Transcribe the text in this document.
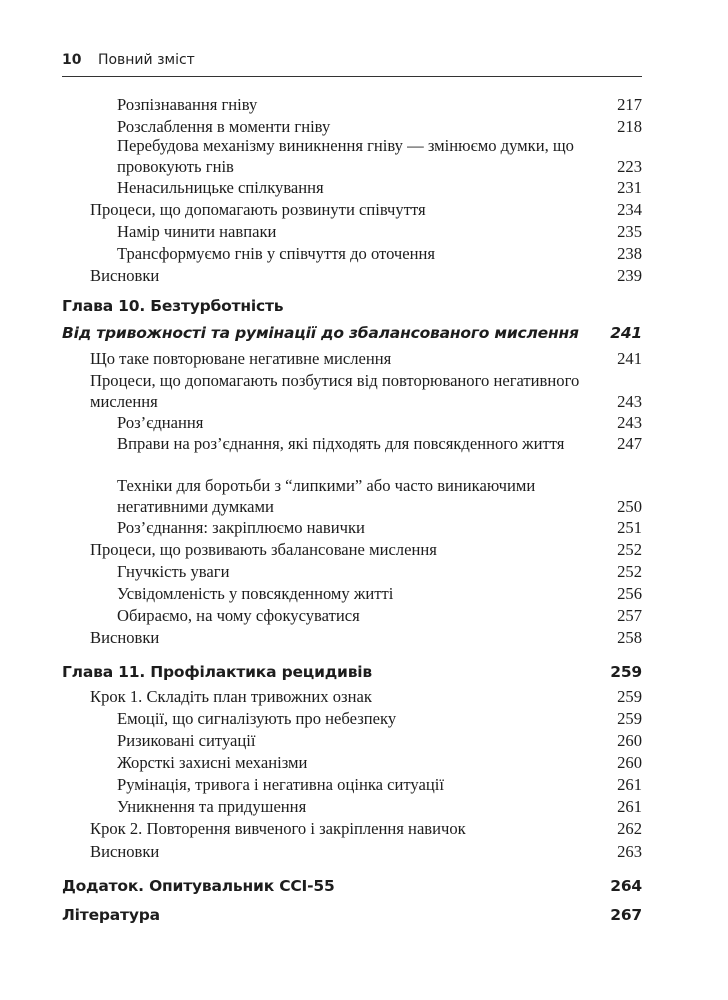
10 Повний зміст
Розпізнавання гніву	217
Розслаблення в моменти гніву	218
Перебудова механізму виникнення гніву — змінюємо думки, що провокують гнів	223
Ненасильницьке спілкування	231
Процеси, що допомагають розвинути співчуття	234
Намір чинити навпаки	235
Трансформуємо гнів у співчуття до оточення	238
Висновки	239
Глава 10. Безтурботність
Від тривожності та румінації до збалансованого мислення	241
Що таке повторюване негативне мислення	241
Процеси, що допомагають позбутися від повторюваного негативного мислення	243
Роз’єднання	243
Вправи на роз’єднання, які підходять для повсякденного життя	247
Техніки для боротьби з “липкими” або часто виникаючими негативними думками	250
Роз’єднання: закріплюємо навички	251
Процеси, що розвивають збалансоване мислення	252
Гнучкість уваги	252
Усвідомленість у повсякденному житті	256
Обираємо, на чому сфокусуватися	257
Висновки	258
Глава 11. Профілактика рецидивів	259
Крок 1. Складіть план тривожних ознак	259
Емоції, що сигналізують про небезпеку	259
Ризиковані ситуації	260
Жорсткі захисні механізми	260
Румінація, тривога і негативна оцінка ситуації	261
Уникнення та придушення	261
Крок 2. Повторення вивченого і закріплення навичок	262
Висновки	263
Додаток. Опитувальник CCI-55	264
Література	267
